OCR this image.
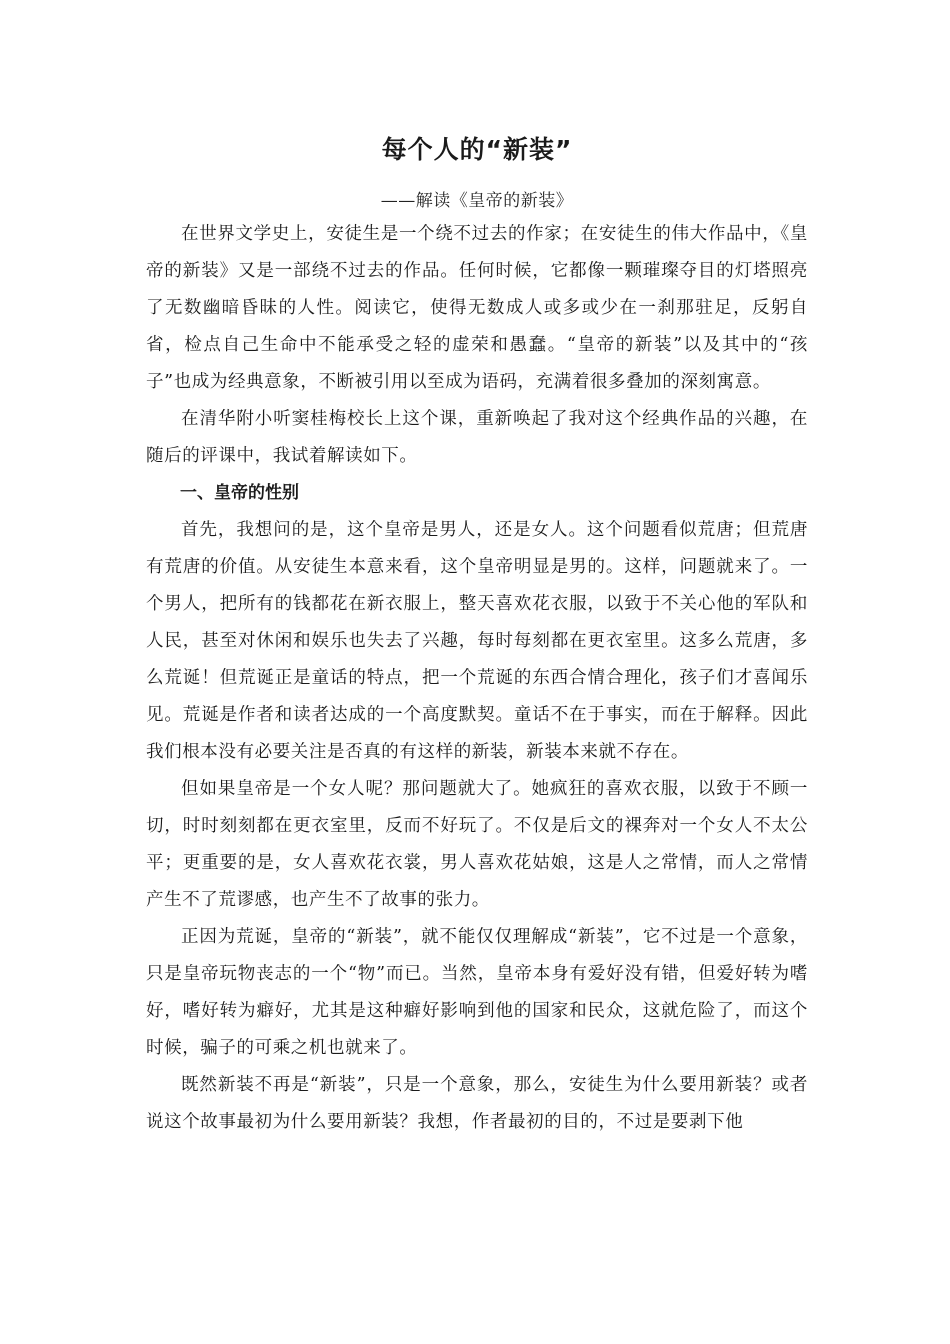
每个人的“新装”

——解读《皇帝的新装》

在世界文学史上，安徒生是一个绕不过去的作家；在安徒生的伟大作品中，《皇帝的新装》又是一部绕不过去的作品。任何时候，它都像一颗璀璨夺目的灯塔照亮了无数幽暗昏昧的人性。阅读它，使得无数成人或多或少在一刹那驻足，反躬自省，检点自己生命中不能承受之轻的虚荣和愚蠢。“皇帝的新装”以及其中的“孩子”也成为经典意象，不断被引用以至成为语码，充满着很多叠加的深刻寓意。

在清华附小听窦桂梅校长上这个课，重新唤起了我对这个经典作品的兴趣，在随后的评课中，我试着解读如下。

一、皇帝的性别

首先，我想问的是，这个皇帝是男人，还是女人。这个问题看似荒唐；但荒唐有荒唐的价值。从安徒生本意来看，这个皇帝明显是男的。这样，问题就来了。一个男人，把所有的钱都花在新衣服上，整天喜欢花衣服，以致于不关心他的军队和人民，甚至对休闲和娱乐也失去了兴趣，每时每刻都在更衣室里。这多么荒唐，多么荒诞！但荒诞正是童话的特点，把一个荒诞的东西合情合理化，孩子们才喜闻乐见。荒诞是作者和读者达成的一个高度默契。童话不在于事实，而在于解释。因此我们根本没有必要关注是否真的有这样的新装，新装本来就不存在。

但如果皇帝是一个女人呢？那问题就大了。她疯狂的喜欢衣服，以致于不顾一切，时时刻刻都在更衣室里，反而不好玩了。不仅是后文的裸奔对一个女人不太公平；更重要的是，女人喜欢花衣裳，男人喜欢花姑娘，这是人之常情，而人之常情产生不了荒谬感，也产生不了故事的张力。

正因为荒诞，皇帝的“新装”，就不能仅仅理解成“新装”，它不过是一个意象，只是皇帝玩物丧志的一个“物”而已。当然，皇帝本身有爱好没有错，但爱好转为嗜好，嗜好转为癖好，尤其是这种癖好影响到他的国家和民众，这就危险了，而这个时候，骗子的可乘之机也就来了。

既然新装不再是“新装”，只是一个意象，那么，安徒生为什么要用新装？或者说这个故事最初为什么要用新装？我想，作者最初的目的，不过是要剥下他
